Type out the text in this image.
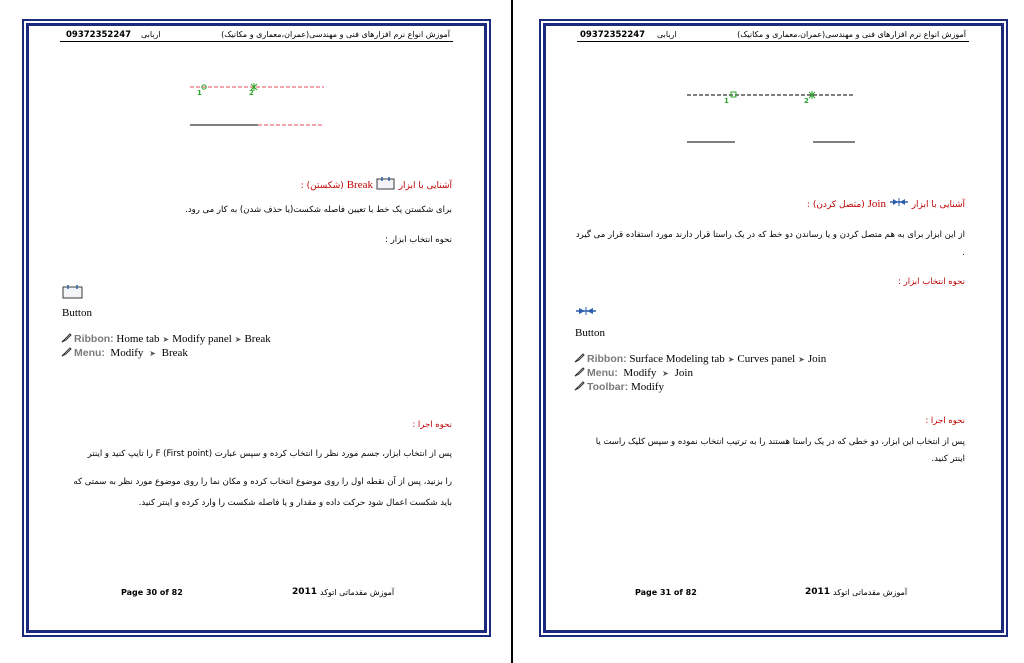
آموزش انواع نرم افزارهای فنی و مهندسی(عمران،معماری و مکانیک)
اربابی
09372352247
1	2
آشنایی با ابزار
Break (شکستن) :
برای شکستن یک خط با تعیین فاصله شکست(یا حذف شدن) به کار می رود.
نحوه انتخاب ابزار :
Button
Ribbon: Home tab ➤ Modify panel ➤ Break
Menu: Modify ➤ Break
نحوه اجرا :
پس از انتخاب ابزار، جسم مورد نظر را انتخاب کرده و سپس عبارت F (First point) را تایپ کنید و اینتر
را بزنید، پس از آن نقطه اول را روی موضوع انتخاب کرده و مکان نما را روی موضوع مورد نظر به سمتی که
باید شکست اعمال شود حرکت داده و مقدار و یا فاصله شکست را وارد کرده و اینتر کنید.
Page 30 of 82	2011 آموزش مقدماتی اتوکد
آموزش انواع نرم افزارهای فنی و مهندسی(عمران،معماری و مکانیک)
اربابی
09372352247
1	2
آشنایی با ابزار
Join (متصل کردن) :
از این ابزار برای به هم متصل کردن و یا رساندن دو خط که در یک راستا قرار دارند مورد استفاده قرار می گیرد
.
نحوه انتخاب ابزار :
Button
Ribbon: Surface Modeling tab ➤ Curves panel ➤ Join
Menu: Modify ➤ Join
Toolbar: Modify
نحوه اجرا :
پس از انتخاب این ابزار، دو خطی که در یک راستا هستند را به ترتیب انتخاب نموده و سپس کلیک راست یا
اینتر کنید.
Page 31 of 82	2011 آموزش مقدماتی اتوکد
